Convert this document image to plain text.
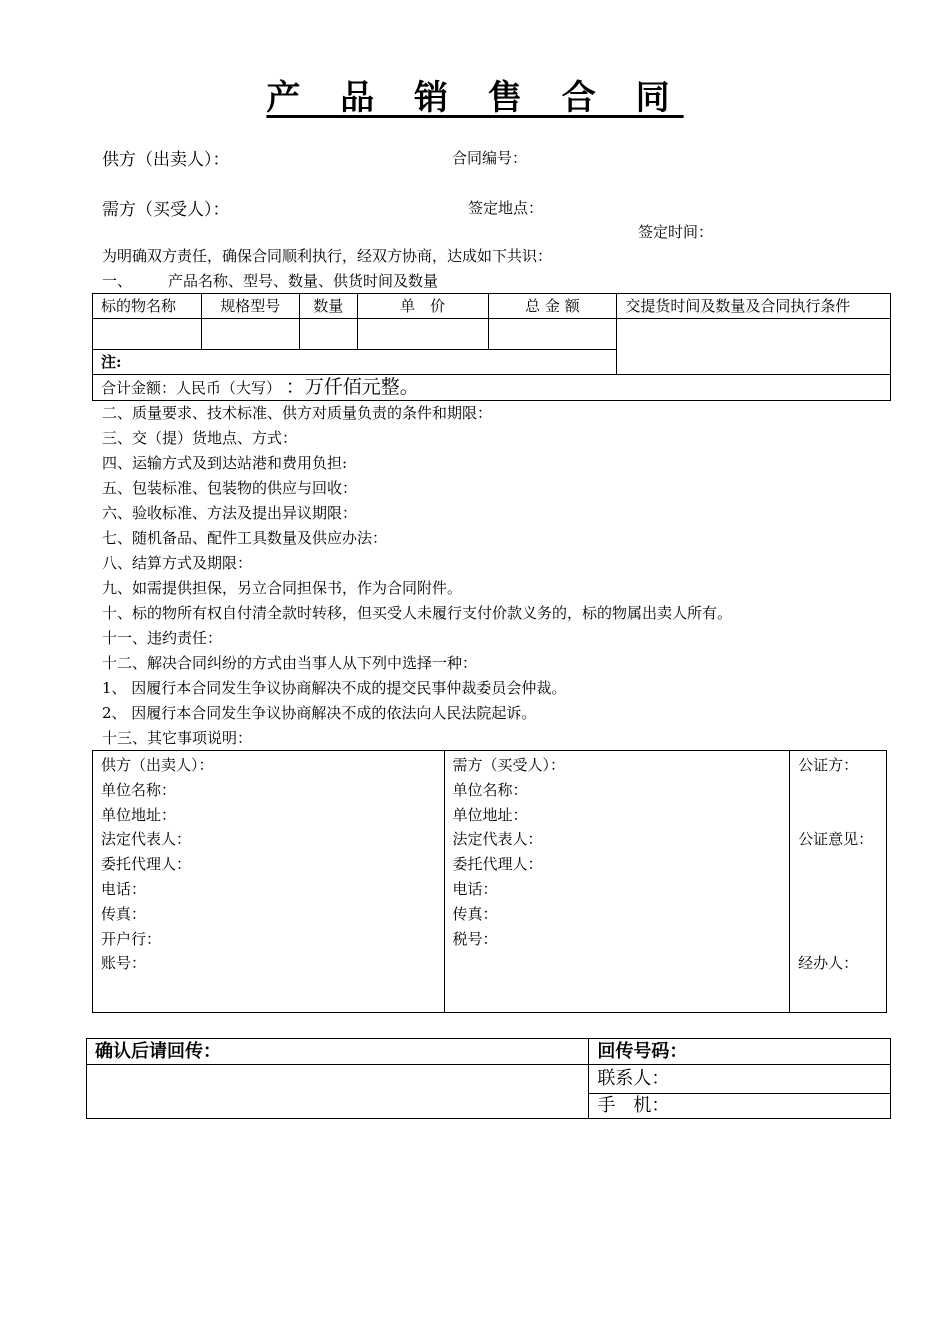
产 品 销 售 合 同
供方（出卖人）：	合同编号：
需方（买受人）：	签定地点：
签定时间：
为明确双方责任，确保合同顺利执行，经双方协商，达成如下共识：
一、 产品名称、型号、数量、供货时间及数量
标的物名称	规格型号	数量	单　价	总 金 额	交提货时间及数量及合同执行条件

注:					
合计金额：人民币（大写） ：万仟佰元整。					
二、质量要求、技术标准、供方对质量负责的条件和期限：
三、交（提）货地点、方式：
四、运输方式及到达站港和费用负担:
五、包装标准、包装物的供应与回收：
六、验收标准、方法及提出异议期限：
七、随机备品、配件工具数量及供应办法：
八、结算方式及期限：
九、如需提供担保，另立合同担保书，作为合同附件。
十、标的物所有权自付清全款时转移，但买受人未履行支付价款义务的，标的物属出卖人所有。
十一、违约责任：
十二、解决合同纠纷的方式由当事人从下列中选择一种：
1、 因履行本合同发生争议协商解决不成的提交民事仲裁委员会仲裁。
2、 因履行本合同发生争议协商解决不成的依法向人民法院起诉。
十三、其它事项说明：
供方（出卖人）：
单位名称：
单位地址：
法定代表人：
委托代理人：
电话：
传真：
开户行：
账号：

需方（买受人）：
单位名称：
单位地址：
法定代表人：
委托代理人：
电话：
传真：
税号：

公证方：
公证意见：
经办人：
确认后请回传：	回传号码：
	联系人：
	手　机：
